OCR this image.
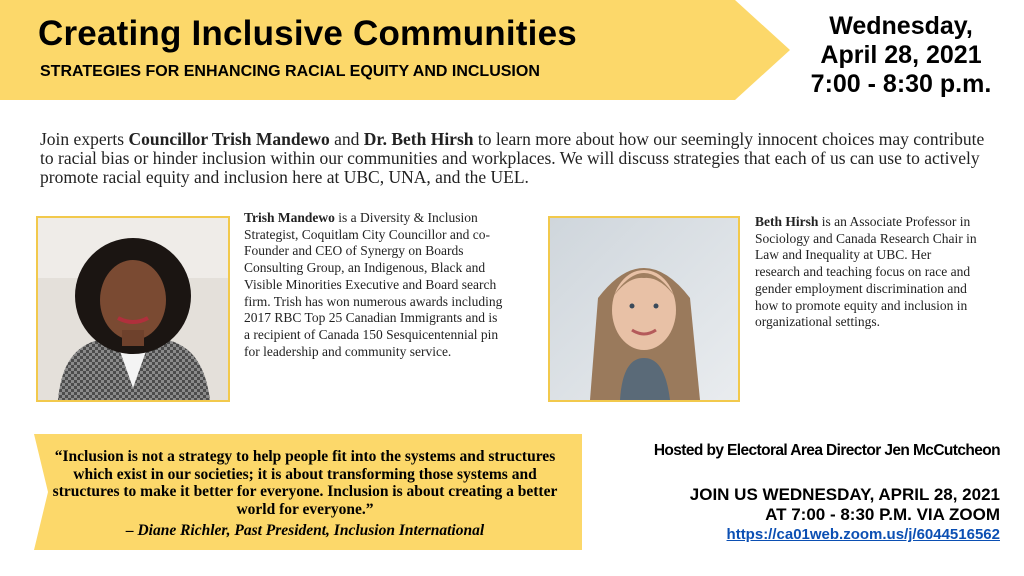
Creating Inclusive Communities
STRATEGIES FOR ENHANCING RACIAL EQUITY AND INCLUSION
Wednesday,
April 28, 2021
7:00 - 8:30 p.m.

Join experts Councillor Trish Mandewo and Dr. Beth Hirsh to learn more about how our seemingly innocent choices may contribute to racial bias or hinder inclusion within our communities and workplaces. We will discuss strategies that each of us can use to actively promote racial equity and inclusion here at UBC, UNA, and the UEL.

Trish Mandewo is a Diversity & Inclusion Strategist, Coquitlam City Councillor and co-Founder and CEO of Synergy on Boards Consulting Group, an Indigenous, Black and Visible Minorities Executive and Board search firm. Trish has won numerous awards including 2017 RBC Top 25 Canadian Immigrants and is a recipient of Canada 150 Sesquicentennial pin for leadership and community service.

Beth Hirsh is an Associate Professor in Sociology and Canada Research Chair in Law and Inequality at UBC. Her research and teaching focus on race and gender employment discrimination and how to promote equity and inclusion in organizational settings.

“Inclusion is not a strategy to help people fit into the systems and structures which exist in our societies; it is about transforming those systems and structures to make it better for everyone. Inclusion is about creating a better world for everyone.”

– Diane Richler, Past President, Inclusion International
Hosted by Electoral Area Director Jen McCutcheon
JOIN US WEDNESDAY, APRIL 28, 2021
AT 7:00 - 8:30 P.M. VIA ZOOM
https://ca01web.zoom.us/j/6044516562
